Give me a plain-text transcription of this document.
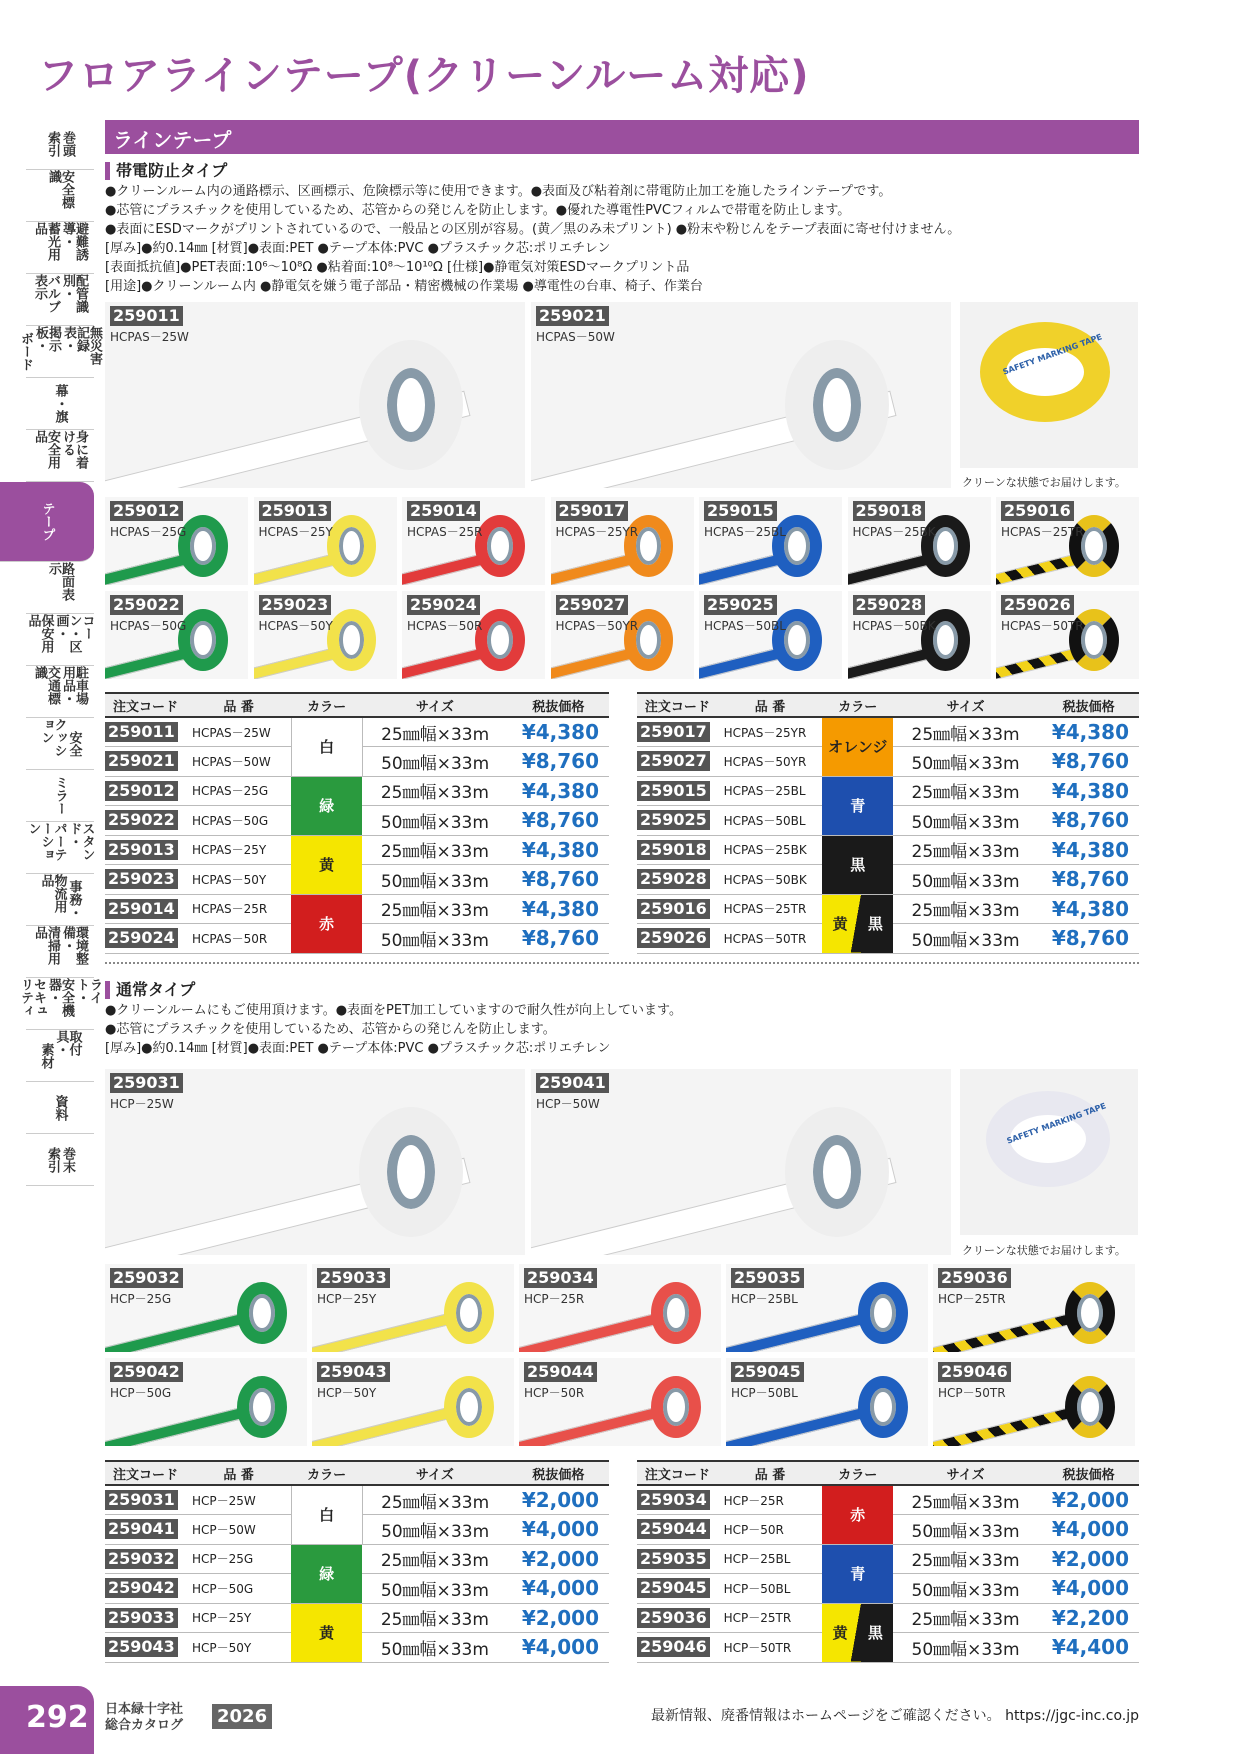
フロアラインテープ(クリーンルーム対応)
巻頭
索引
安全標識
避難誘導・
蓄光用品
配管識別・
バルブ表示
無災害記録表・
掲示板・
ボード
幕・旗
身に着ける
安全用品
テープ
路面表示
コーン・区画・
保安用品
駐車場用品・
交通標識
安全
クッション
ミラー
スタンド・
パーテーション
事務・
物流用品
環境整備・
清掃用品
ライト・
安全機器・
セキュリティ
取付具・
素材
資料
巻末
索引
ラインテープ
帯電防止タイプ

●クリーンルーム内の通路標示、区画標示、危険標示等に使用できます。●表面及び粘着剤に帯電防止加工を施したラインテープです。

●芯管にプラスチックを使用しているため、芯管からの発じんを防止します。●優れた導電性PVCフィルムで帯電を防止します。

●表面にESDマークがプリントされているので、一般品との区別が容易。(黄／黒のみ未プリント) ●粉末や粉じんをテープ表面に寄せ付けません。

[厚み]●約0.14㎜ [材質]●表面:PET ●テープ本体:PVC ●プラスチック芯:ポリエチレン

[表面抵抗値]●PET表面:10⁶〜10⁸Ω ●粘着面:10⁸〜10¹⁰Ω [仕様]●静電気対策ESDマークプリント品

[用途]●クリーンルーム内 ●静電気を嫌う電子部品・精密機械の作業場 ●導電性の台車、椅子、作業台

259011
HCPAS－25W
259021
HCPAS－50W
259012
HCPAS－25G
259013
HCPAS－25Y
259014
HCPAS－25R
259017
HCPAS－25YR
259015
HCPAS－25BL
259018
HCPAS－25BK
259016
HCPAS－25TR
259022
HCPAS－50G
259023
HCPAS－50Y
259024
HCPAS－50R
259027
HCPAS－50YR
259025
HCPAS－50BL
259028
HCPAS－50BK
259026
HCPAS－50TR
SAFETY MARKING TAPE
クリーンな状態でお届けします。
注文コード	品 番	カラー	サイズ	税抜価格
259011	HCPAS－25W	白	25㎜幅×33m	¥4,380
259021	HCPAS－50W		50㎜幅×33m	¥8,760
259012	HCPAS－25G	緑	25㎜幅×33m	¥4,380
259022	HCPAS－50G		50㎜幅×33m	¥8,760
259013	HCPAS－25Y	黄	25㎜幅×33m	¥4,380
259023	HCPAS－50Y		50㎜幅×33m	¥8,760
259014	HCPAS－25R	赤	25㎜幅×33m	¥4,380
259024	HCPAS－50R		50㎜幅×33m	¥8,760
注文コード	品 番	カラー	サイズ	税抜価格
259017	HCPAS－25YR	オレンジ	25㎜幅×33m	¥4,380
259027	HCPAS－50YR		50㎜幅×33m	¥8,760
259015	HCPAS－25BL	青	25㎜幅×33m	¥4,380
259025	HCPAS－50BL		50㎜幅×33m	¥8,760
259018	HCPAS－25BK	黒	25㎜幅×33m	¥4,380
259028	HCPAS－50BK		50㎜幅×33m	¥8,760
259016	HCPAS－25TR	黄 黒	25㎜幅×33m	¥4,380
259026	HCPAS－50TR		50㎜幅×33m	¥8,760
通常タイプ

●クリーンルームにもご使用頂けます。●表面をPET加工していますので耐久性が向上しています。

●芯管にプラスチックを使用しているため、芯管からの発じんを防止します。

[厚み]●約0.14㎜ [材質]●表面:PET ●テープ本体:PVC ●プラスチック芯:ポリエチレン

259031
HCP－25W
259041
HCP－50W
259032
HCP－25G
259033
HCP－25Y
259034
HCP－25R
259035
HCP－25BL
259036
HCP－25TR
259042
HCP－50G
259043
HCP－50Y
259044
HCP－50R
259045
HCP－50BL
259046
HCP－50TR
SAFETY MARKING TAPE
クリーンな状態でお届けします。
注文コード	品 番	カラー	サイズ	税抜価格
259031	HCP－25W	白	25㎜幅×33m	¥2,000
259041	HCP－50W		50㎜幅×33m	¥4,000
259032	HCP－25G	緑	25㎜幅×33m	¥2,000
259042	HCP－50G		50㎜幅×33m	¥4,000
259033	HCP－25Y	黄	25㎜幅×33m	¥2,000
259043	HCP－50Y		50㎜幅×33m	¥4,000
注文コード	品 番	カラー	サイズ	税抜価格
259034	HCP－25R	赤	25㎜幅×33m	¥2,000
259044	HCP－50R		50㎜幅×33m	¥4,000
259035	HCP－25BL	青	25㎜幅×33m	¥2,000
259045	HCP－50BL		50㎜幅×33m	¥4,000
259036	HCP－25TR	黄 黒	25㎜幅×33m	¥2,200
259046	HCP－50TR		50㎜幅×33m	¥4,400
292	日本緑十字社
総合カタログ 2026	最新情報、廃番情報はホームページをご確認ください。 https://jgc-inc.co.jp
